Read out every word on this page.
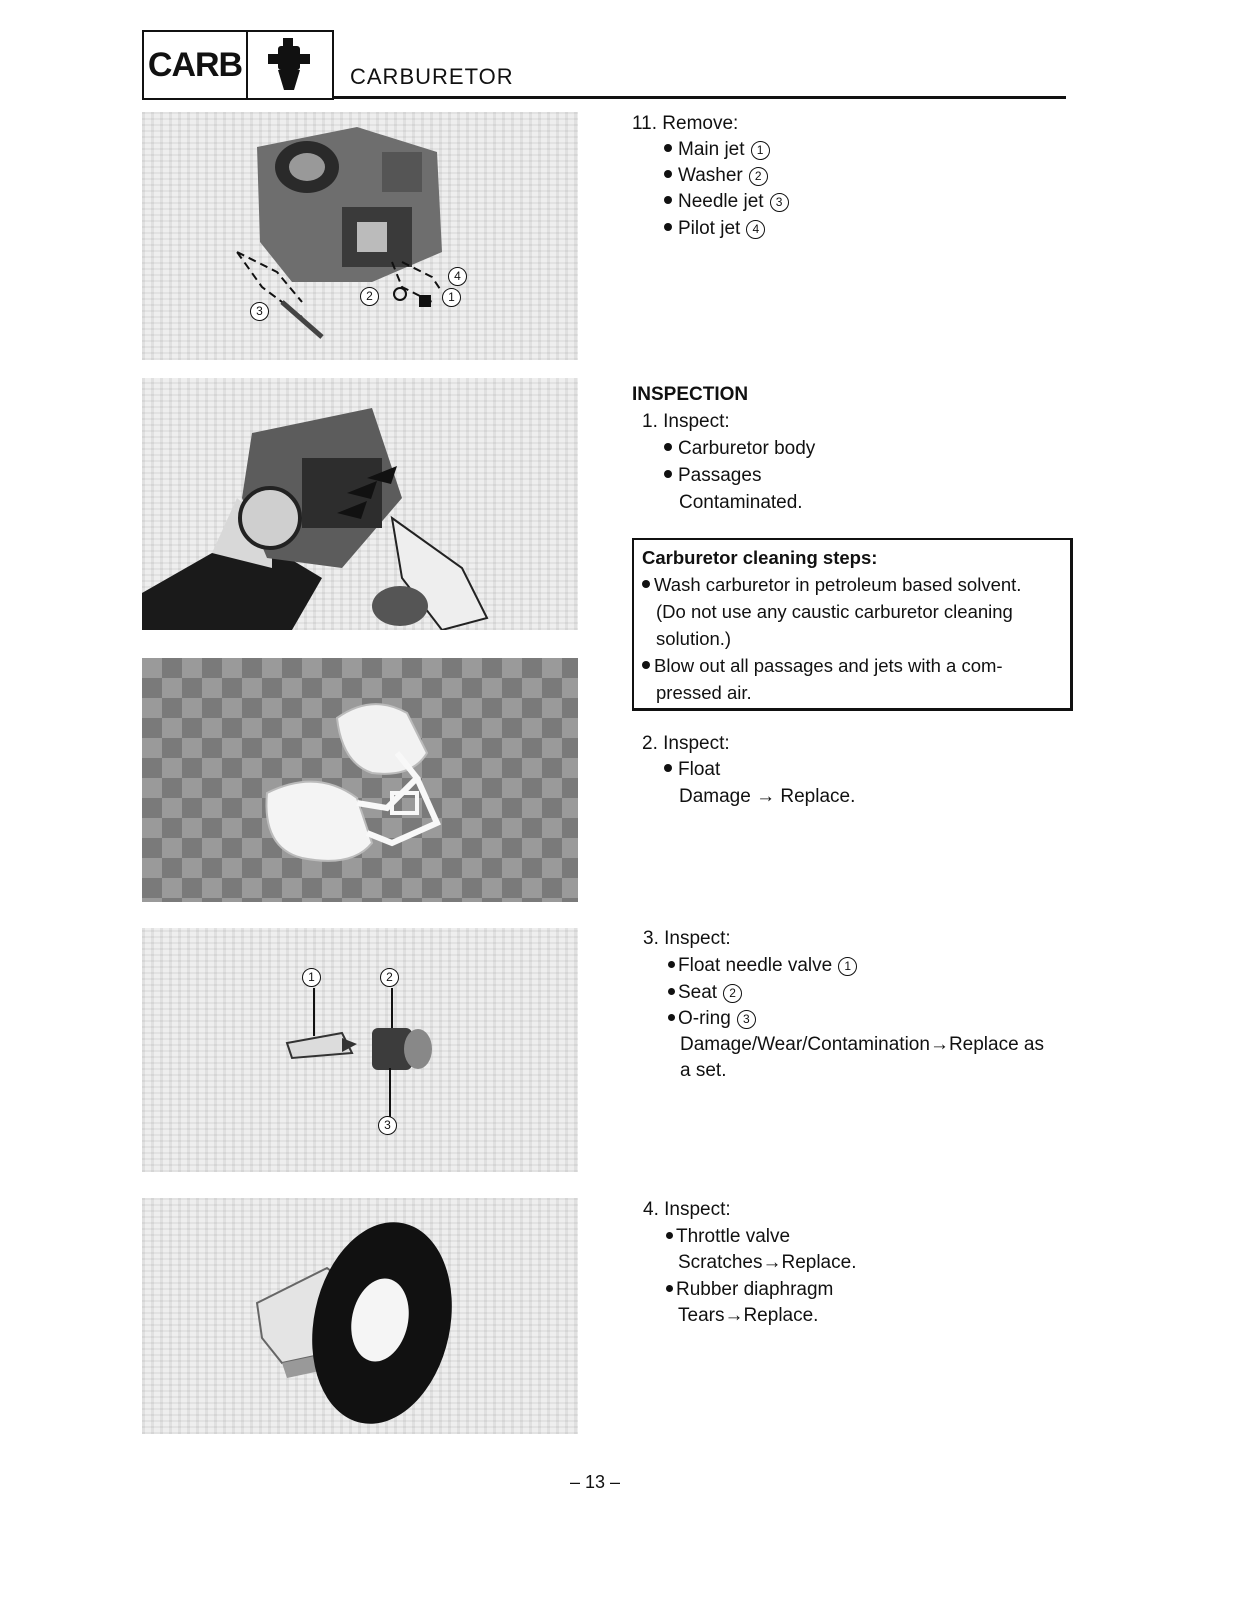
CARB	CARBURETOR
3
2
4
1
11. Remove:
Main jet 1
Washer 2
Needle jet 3
Pilot jet 4
INSPECTION
1. Inspect:
Carburetor body
Passages
Contaminated.
Carburetor cleaning steps:
Wash carburetor in petroleum based solvent.
(Do not use any caustic carburetor cleaning
solution.)
Blow out all passages and jets with a com-
pressed air.
2. Inspect:
Float
Damage → Replace.
1	2
3
3. Inspect:
Float needle valve 1
Seat 2
O-ring 3
Damage/Wear/Contamination→Replace as
a set.
4. Inspect:
Throttle valve
Scratches→Replace.
Rubber diaphragm
Tears→Replace.
– 13 –
